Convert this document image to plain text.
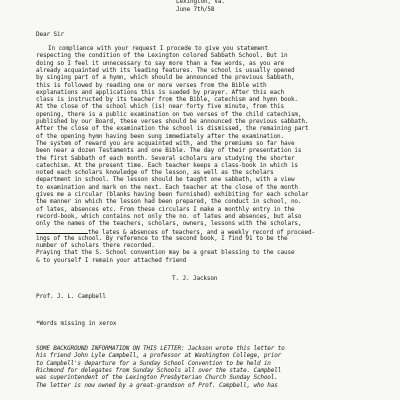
Lexington, Va.
June 7th/58
Dear Sir
In compliance with your request I procede to give you statement
respecting the condition of the Lexington colored Sabbath School. But in
doing so I feel it unnecessary to say more than a few words, as you are
already acquainted with its leading features. The school is usually opened
by singing part of a hymn, which should be announced the previous Sabbath,
this is followed by reading one or more verses from the Bible with
explanations and applications this is sueded by prayer. After this each
class is instructed by its teacher from the Bible, catechism and hymn book.
At the close of the school which (is) near forty five minute, from this
opening, there is a public examination on two verses of the child catechism,
published by our Board, these verses should be announced the previous sabbath.
After the close of the examination the school is dismissed, the remaining part
of the opening hymn having been sung immediately after the examination.
The system of reward you are acquainted with, and the premiums so far have
been near a dozen Testaments and one Bible. The day of their presentation is
the first Sabbath of each month. Several scholars are studying the shorter
catechism. At the present time. Each teacher keeps a class-book in which is
noted each scholars knowledge of the lesson, as well as the scholars
department in school. The lesson should be taught one sabbath, with a view
to examination and mark on the next. Each teacher at the close of the month
gives me a circular (blanks having been furnished) exhibiting for each scholar
the manner in which the lesson had been prepared, the conduct in school, no.
of lates, absences etc. From these circulars I make a monthly entry in the
record-book, which contains not only the no. of lates and absences, but also
only the names of the teachers, scholars, owners, lessons with the scholars,
the lates & absences of teachers, and a weekly record of proceed-
ings of the school. By reference to the second book, I find 91 to be the
number of scholars there recorded.
Praying that the S. School convention may be a great blessing to the cause
& to yourself I remain your attached friend
T. J. Jackson
Prof. J. L. Campbell
*Words missing in xerox
SOME BACKGROUND INFORMATION ON THIS LETTER: Jackson wrote this letter to
his friend John Lyle Campbell, a professor at Washington College, prior
to Campbell's departure for a Sunday School Convention to be held in
Richmond for delegates from Sunday Schools all over the state. Campbell
was superintendent of the Lexington Presbyterian Church Sunday School.
The letter is now owned by a great-grandson of Prof. Campbell, who has
